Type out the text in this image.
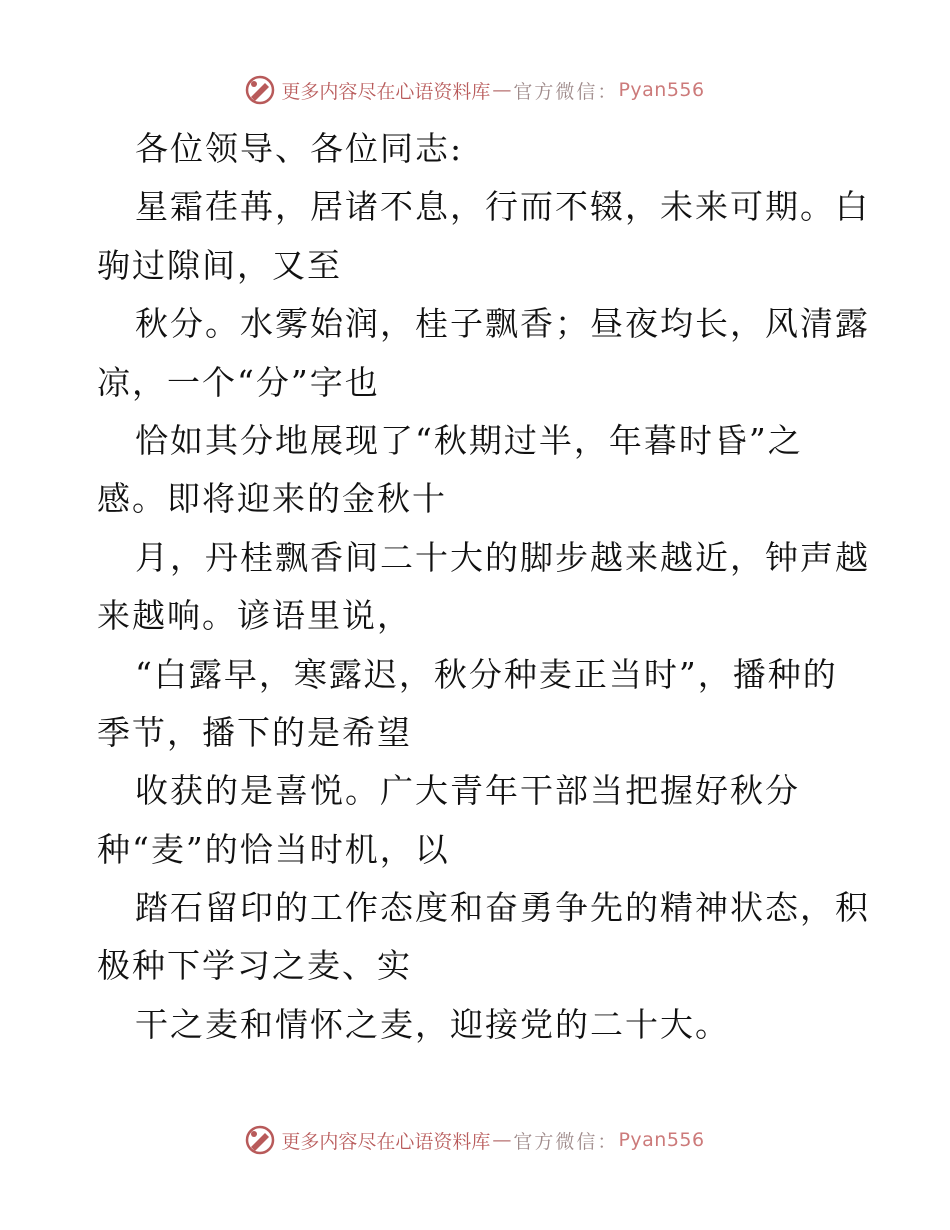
更多内容尽在心语资料库 — 官方微信： Pyan556
各位领导、各位同志:
星霜荏苒，居诸不息，行而不辍，未来可期。白
驹过隙间，又至
秋分。水雾始润，桂子飘香；昼夜均长，风清露
凉，一个“分”字也
恰如其分地展现了“秋期过半，年暮时昏”之
感。即将迎来的金秋十
月，丹桂飘香间二十大的脚步越来越近，钟声越
来越响。谚语里说，
“白露早，寒露迟，秋分种麦正当时”，播种的
季节，播下的是希望
收获的是喜悦。广大青年干部当把握好秋分
种“麦”的恰当时机，以
踏石留印的工作态度和奋勇争先的精神状态，积
极种下学习之麦、实
干之麦和情怀之麦，迎接党的二十大。
更多内容尽在心语资料库 — 官方微信： Pyan556
